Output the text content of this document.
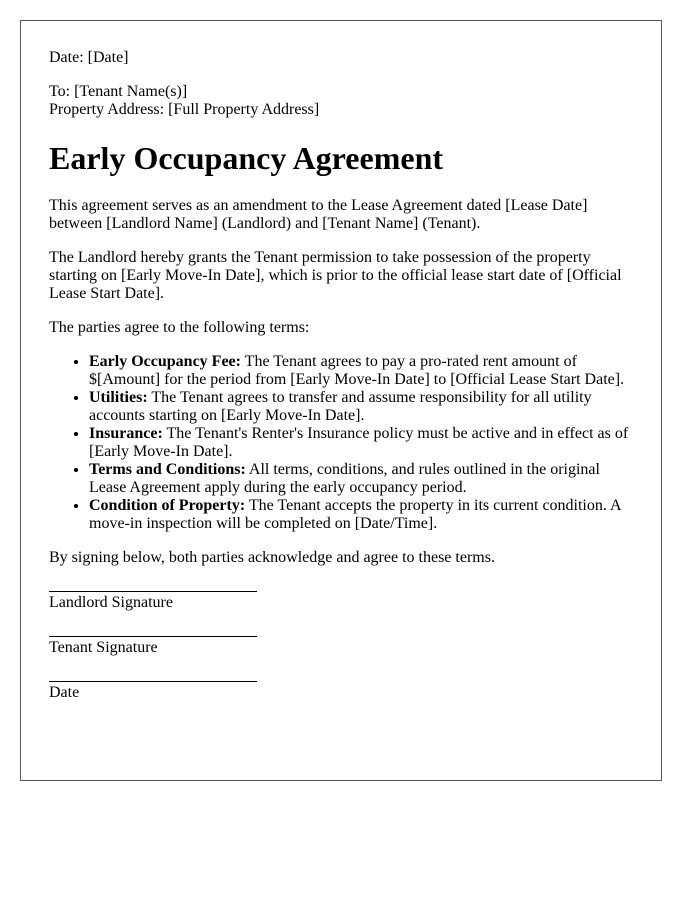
Date: [Date]

To: [Tenant Name(s)]
Property Address: [Full Property Address]

Early Occupancy Agreement

This agreement serves as an amendment to the Lease Agreement dated [Lease Date] between [Landlord Name] (Landlord) and [Tenant Name] (Tenant).

The Landlord hereby grants the Tenant permission to take possession of the property starting on [Early Move-In Date], which is prior to the official lease start date of [Official Lease Start Date].

The parties agree to the following terms:

• Early Occupancy Fee: The Tenant agrees to pay a pro-rated rent amount of $[Amount] for the period from [Early Move-In Date] to [Official Lease Start Date].
• Utilities: The Tenant agrees to transfer and assume responsibility for all utility accounts starting on [Early Move-In Date].
• Insurance: The Tenant's Renter's Insurance policy must be active and in effect as of [Early Move-In Date].
• Terms and Conditions: All terms, conditions, and rules outlined in the original Lease Agreement apply during the early occupancy period.
• Condition of Property: The Tenant accepts the property in its current condition. A move-in inspection will be completed on [Date/Time].

By signing below, both parties acknowledge and agree to these terms.

Landlord Signature
Tenant Signature
Date
